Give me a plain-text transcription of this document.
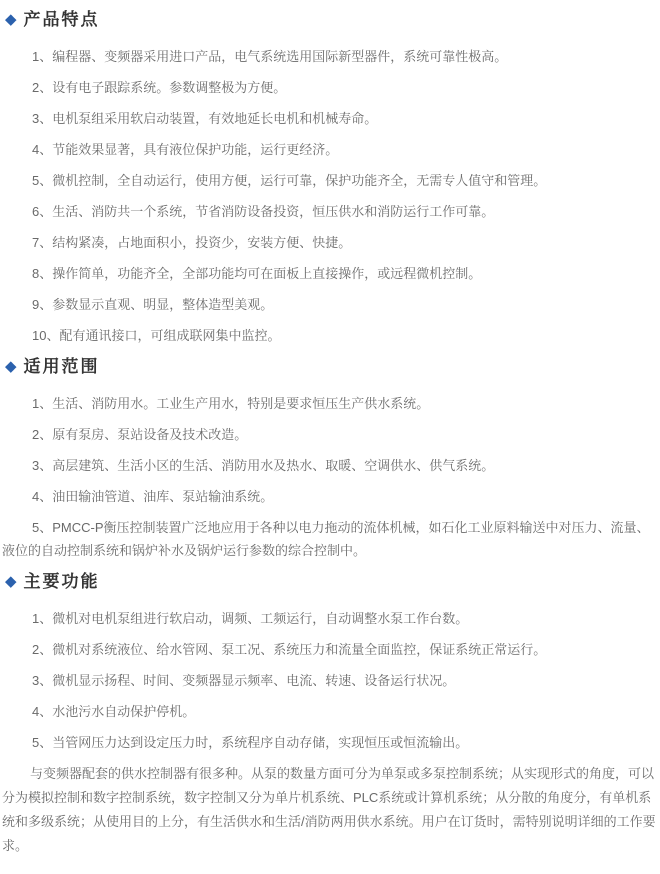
◆ 产品特点

1、编程器、变频器采用进口产品，电气系统选用国际新型器件，系统可靠性极高。

2、设有电子跟踪系统。参数调整极为方便。

3、电机泵组采用软启动装置，有效地延长电机和机械寿命。

4、节能效果显著，具有液位保护功能，运行更经济。

5、微机控制，全自动运行，使用方便，运行可靠，保护功能齐全，无需专人值守和管理。

6、生活、消防共一个系统，节省消防设备投资，恒压供水和消防运行工作可靠。

7、结构紧凑，占地面积小，投资少，安装方便、快捷。

8、操作简单，功能齐全，全部功能均可在面板上直接操作，或远程微机控制。

9、参数显示直观、明显，整体造型美观。

10、配有通讯接口，可组成联网集中监控。

◆ 适用范围

1、生活、消防用水。工业生产用水，特别是要求恒压生产供水系统。

2、原有泵房、泵站设备及技术改造。

3、高层建筑、生活小区的生活、消防用水及热水、取暖、空调供水、供气系统。

4、油田输油管道、油库、泵站输油系统。

5、PMCC-P衡压控制装置广泛地应用于各种以电力拖动的流体机械，如石化工业原料输送中对压力、流量、液位的自动控制系统和锅炉补水及锅炉运行参数的综合控制中。

◆ 主要功能

1、微机对电机泵组进行软启动，调频、工频运行，自动调整水泵工作台数。

2、微机对系统液位、给水管网、泵工况、系统压力和流量全面监控，保证系统正常运行。

3、微机显示扬程、时间、变频器显示频率、电流、转速、设备运行状况。

4、水池污水自动保护停机。

5、当管网压力达到设定压力时，系统程序自动存储，实现恒压或恒流输出。

与变频器配套的供水控制器有很多种。从泵的数量方面可分为单泵或多泵控制系统；从实现形式的角度，可以分为模拟控制和数字控制系统，数字控制又分为单片机系统、PLC系统或计算机系统；从分散的角度分，有单机系统和多级系统；从使用目的上分，有生活供水和生活/消防两用供水系统。用户在订货时，需特别说明详细的工作要求。
